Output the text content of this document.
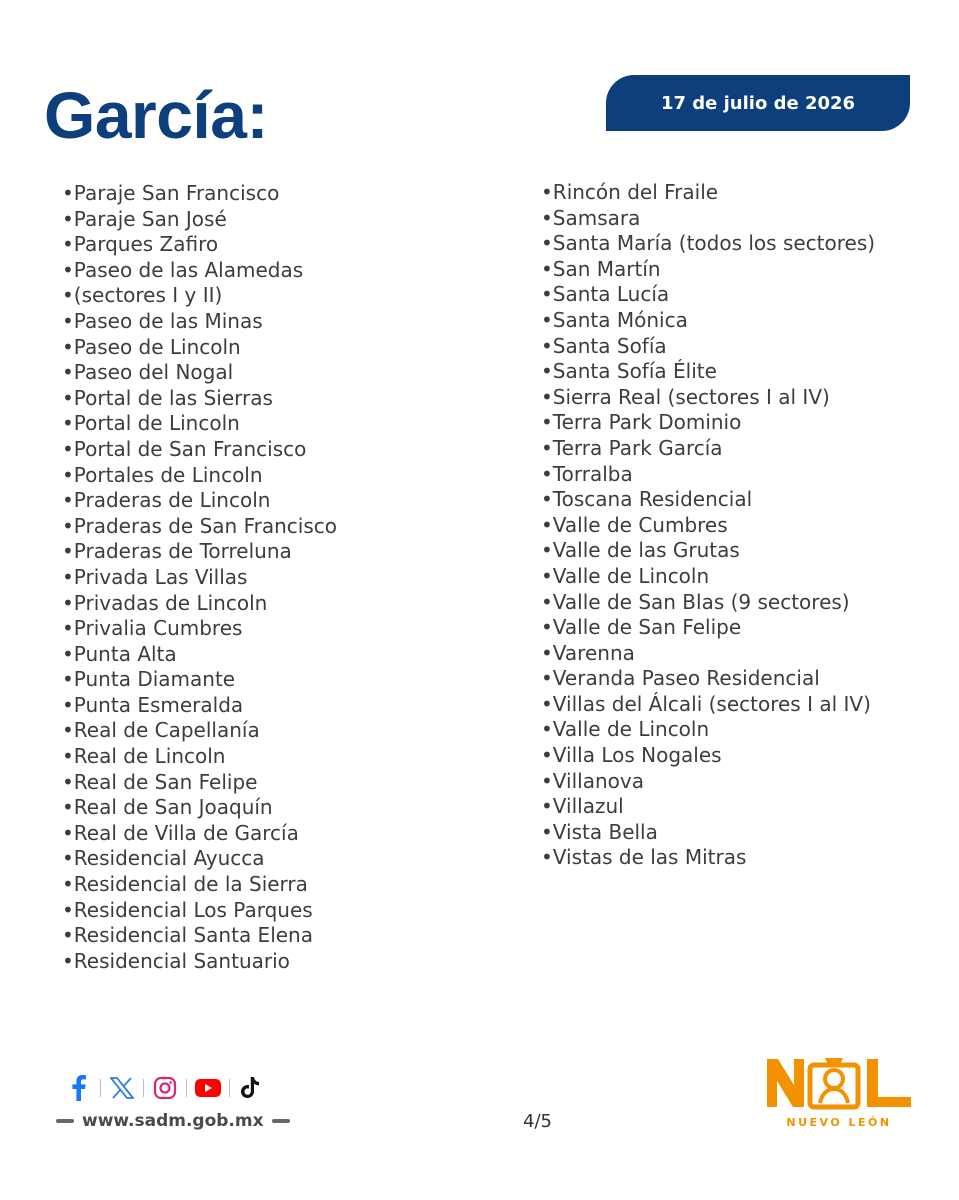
García:	17 de julio de 2026
• Paraje San Francisco
• Paraje San José
• Parques Zafiro
• Paseo de las Alamedas
• (sectores I y II)
• Paseo de las Minas
• Paseo de Lincoln
• Paseo del Nogal
• Portal de las Sierras
• Portal de Lincoln
• Portal de San Francisco
• Portales de Lincoln
• Praderas de Lincoln
• Praderas de San Francisco
• Praderas de Torreluna
• Privada Las Villas
• Privadas de Lincoln
• Privalia Cumbres
• Punta Alta
• Punta Diamante
• Punta Esmeralda
• Real de Capellanía
• Real de Lincoln
• Real de San Felipe
• Real de San Joaquín
• Real de Villa de García
• Residencial Ayucca
• Residencial de la Sierra
• Residencial Los Parques
• Residencial Santa Elena
• Residencial Santuario
• Rincón del Fraile
• Samsara
• Santa María (todos los sectores)
• San Martín
• Santa Lucía
• Santa Mónica
• Santa Sofía
• Santa Sofía Élite
• Sierra Real (sectores I al IV)
• Terra Park Dominio
• Terra Park García
• Torralba
• Toscana Residencial
• Valle de Cumbres
• Valle de las Grutas
• Valle de Lincoln
• Valle de San Blas (9 sectores)
• Valle de San Felipe
• Varenna
• Veranda Paseo Residencial
• Villas del Álcali (sectores I al IV)
• Valle de Lincoln
• Villa Los Nogales
• Villanova
• Villazul
• Vista Bella
• Vistas de las Mitras
www.sadm.gob.mx	4/5	NUEVO LEÓN
